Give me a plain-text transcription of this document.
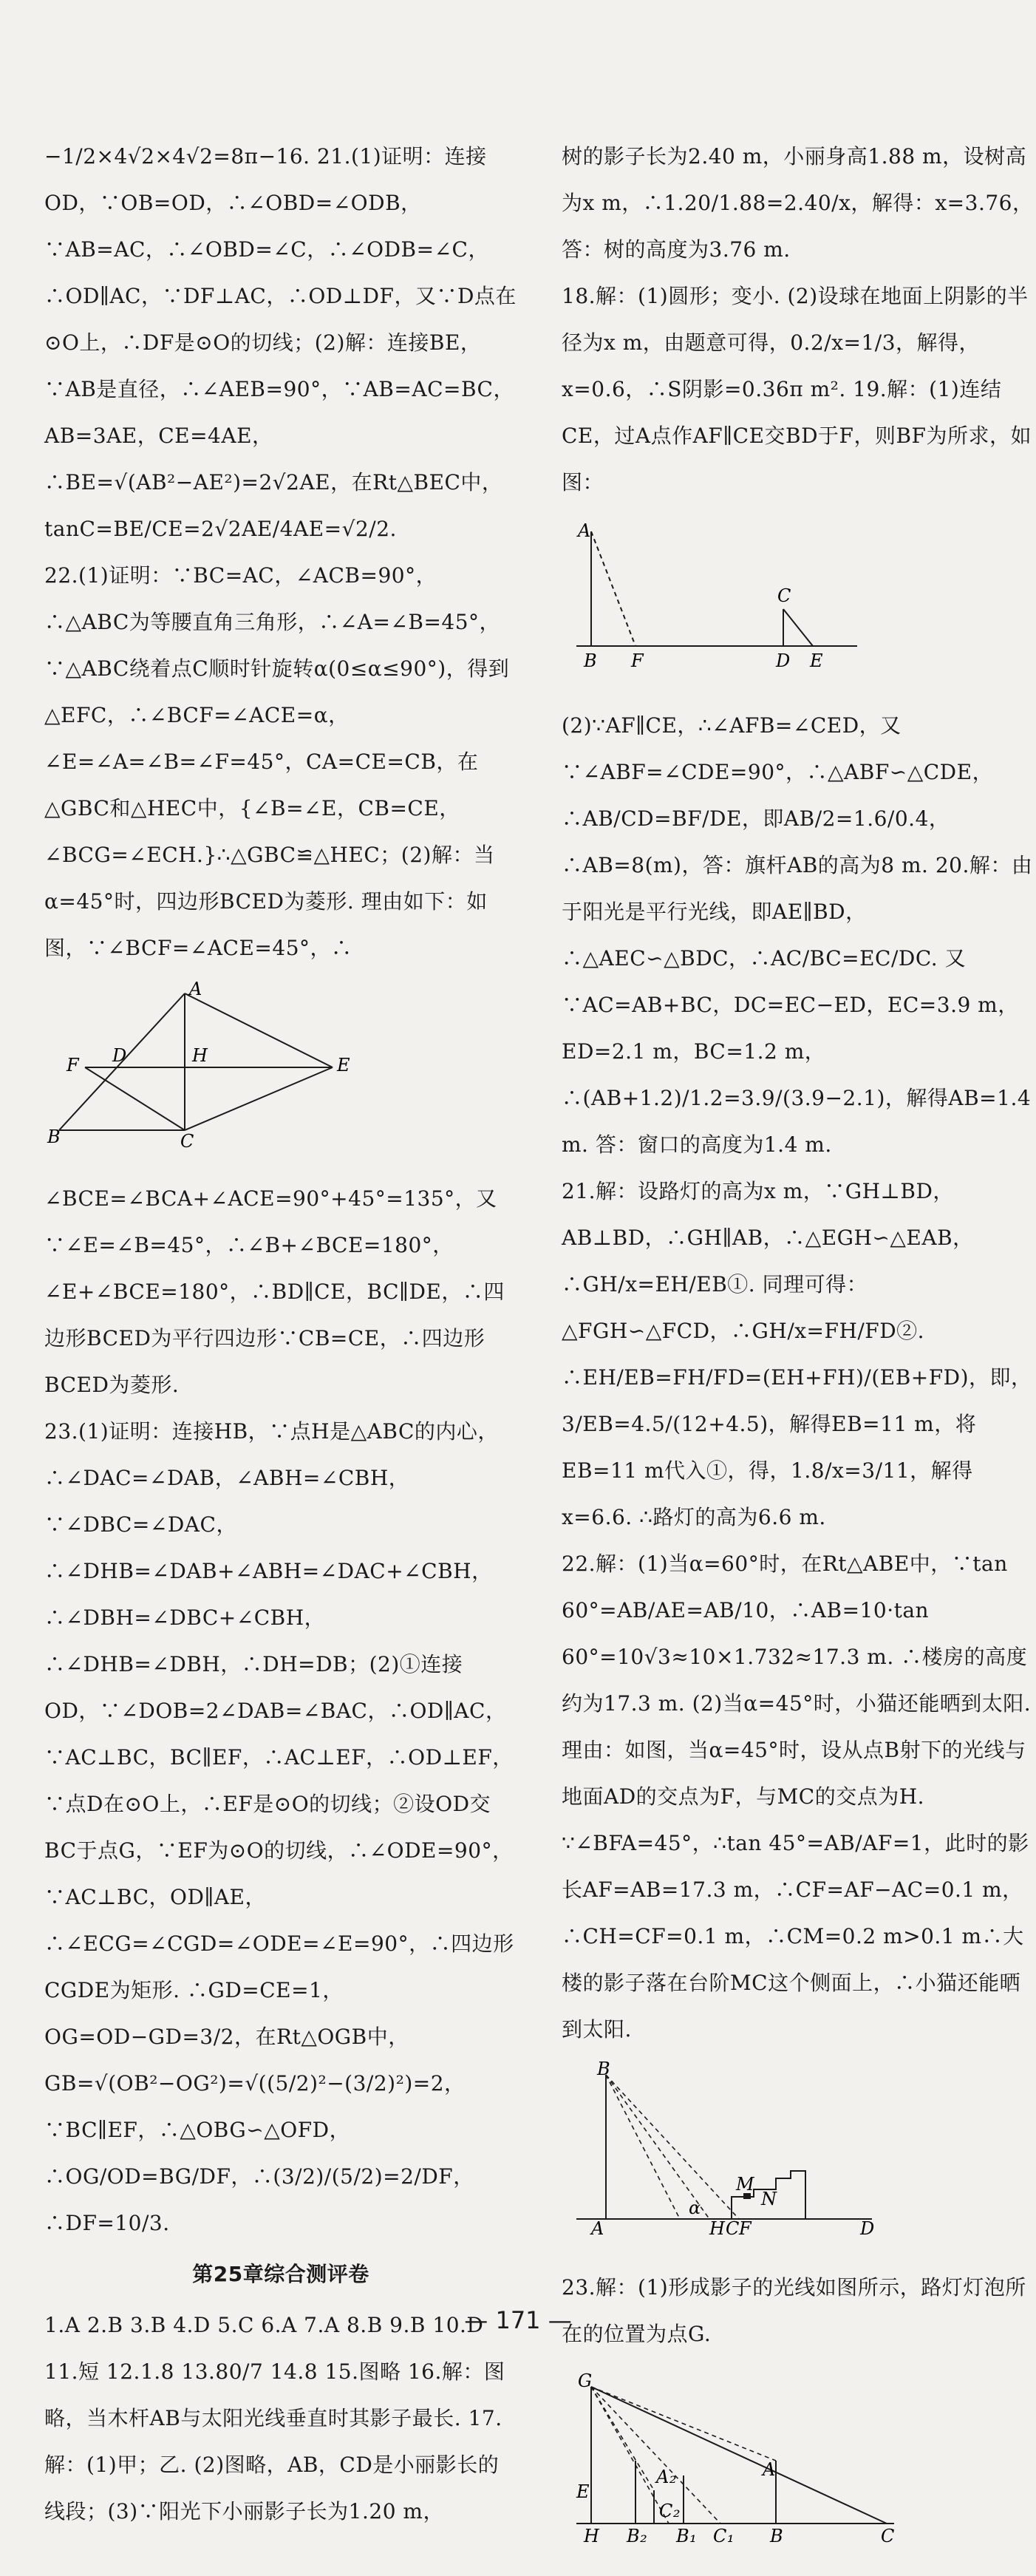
−1/2×4√2×4√2=8π−16. 21.(1)证明：连接OD，∵OB=OD，∴∠OBD=∠ODB，∵AB=AC，∴∠OBD=∠C，∴∠ODB=∠C，∴OD∥AC，∵DF⊥AC，∴OD⊥DF，又∵D点在⊙O上，∴DF是⊙O的切线；(2)解：连接BE，∵AB是直径，∴∠AEB=90°，∵AB=AC=BC，AB=3AE，CE=4AE，∴BE=√(AB²−AE²)=2√2AE，在Rt△BEC中，tanC=BE/CE=2√2AE/4AE=√2/2.

22.(1)证明：∵BC=AC，∠ACB=90°，∴△ABC为等腰直角三角形，∴∠A=∠B=45°，∵△ABC绕着点C顺时针旋转α(0≤α≤90°)，得到△EFC，∴∠BCF=∠ACE=α，∠E=∠A=∠B=∠F=45°，CA=CE=CB，在△GBC和△HEC中，{∠B=∠E，CB=CE，∠BCG=∠ECH.}∴△GBC≌△HEC；(2)解：当α=45°时，四边形BCED为菱形. 理由如下：如图，∵∠BCF=∠ACE=45°，∴

A
D	H
F	E
B	C

∠BCE=∠BCA+∠ACE=90°+45°=135°，又∵∠E=∠B=45°，∴∠B+∠BCE=180°，∠E+∠BCE=180°，∴BD∥CE，BC∥DE，∴四边形BCED为平行四边形∵CB=CE，∴四边形BCED为菱形.

23.(1)证明：连接HB，∵点H是△ABC的内心，∴∠DAC=∠DAB，∠ABH=∠CBH，∵∠DBC=∠DAC，∴∠DHB=∠DAB+∠ABH=∠DAC+∠CBH，∴∠DBH=∠DBC+∠CBH，∴∠DHB=∠DBH，∴DH=DB；(2)①连接OD，∵∠DOB=2∠DAB=∠BAC，∴OD∥AC，∵AC⊥BC，BC∥EF，∴AC⊥EF，∴OD⊥EF，∵点D在⊙O上，∴EF是⊙O的切线；②设OD交BC于点G，∵EF为⊙O的切线，∴∠ODE=90°，∵AC⊥BC，OD∥AE，∴∠ECG=∠CGD=∠ODE=∠E=90°，∴四边形CGDE为矩形. ∴GD=CE=1，OG=OD−GD=3/2，在Rt△OGB中，GB=√(OB²−OG²)=√((5/2)²−(3/2)²)=2，∵BC∥EF，∴△OBG∽△OFD，∴OG/OD=BG/DF，∴(3/2)/(5/2)=2/DF，∴DF=10/3.

第25章综合测评卷

1.A 2.B 3.B 4.D 5.C 6.A 7.A 8.B 9.B 10.D 11.短 12.1.8 13.80/7 14.8 15.图略 16.解：图略，当木杆AB与太阳光线垂直时其影子最长. 17.解：(1)甲；乙. (2)图略，AB，CD是小丽影长的线段；(3)∵阳光下小丽影子长为1.20 m，

树的影子长为2.40 m，小丽身高1.88 m，设树高为x m，∴1.20/1.88=2.40/x，解得：x=3.76，答：树的高度为3.76 m.

18.解：(1)圆形；变小. (2)设球在地面上阴影的半径为x m，由题意可得，0.2/x=1/3，解得，x=0.6，∴S阴影=0.36π m². 19.解：(1)连结CE，过A点作AF∥CE交BD于F，则BF为所求，如图：

A
C
B F	D E

(2)∵AF∥CE，∴∠AFB=∠CED，又∵∠ABF=∠CDE=90°，∴△ABF∽△CDE，∴AB/CD=BF/DE，即AB/2=1.6/0.4，∴AB=8(m)，答：旗杆AB的高为8 m. 20.解：由于阳光是平行光线，即AE∥BD，∴△AEC∽△BDC，∴AC/BC=EC/DC. 又∵AC=AB+BC，DC=EC−ED，EC=3.9 m，ED=2.1 m，BC=1.2 m，∴(AB+1.2)/1.2=3.9/(3.9−2.1)，解得AB=1.4 m. 答：窗口的高度为1.4 m.

21.解：设路灯的高为x m，∵GH⊥BD，AB⊥BD，∴GH∥AB，∴△EGH∽△EAB，∴GH/x=EH/EB①. 同理可得：△FGH∽△FCD，∴GH/x=FH/FD②. ∴EH/EB=FH/FD=(EH+FH)/(EB+FD)，即，3/EB=4.5/(12+4.5)，解得EB=11 m，将EB=11 m代入①，得，1.8/x=3/11，解得x=6.6. ∴路灯的高为6.6 m.

22.解：(1)当α=60°时，在Rt△ABE中，∵tan 60°=AB/AE=AB/10，∴AB=10·tan 60°=10√3≈10×1.732≈17.3 m. ∴楼房的高度约为17.3 m. (2)当α=45°时，小猫还能晒到太阳. 理由：如图，当α=45°时，设从点B射下的光线与地面AD的交点为F，与MC的交点为H. ∵∠BFA=45°，∴tan 45°=AB/AF=1，此时的影长AF=AB=17.3 m，∴CF=AF−AC=0.1 m，∴CH=CF=0.1 m，∴CM=0.2 m>0.1 m∴大楼的影子落在台阶MC这个侧面上，∴小猫还能晒到太阳.

B
M
N
α
C F
H
A	D

23.解：(1)形成影子的光线如图所示，路灯灯泡所在的位置为点G.

G
A₂
C₂
E
A
H B₂ B₁ C₁ B	C
— 171 —
